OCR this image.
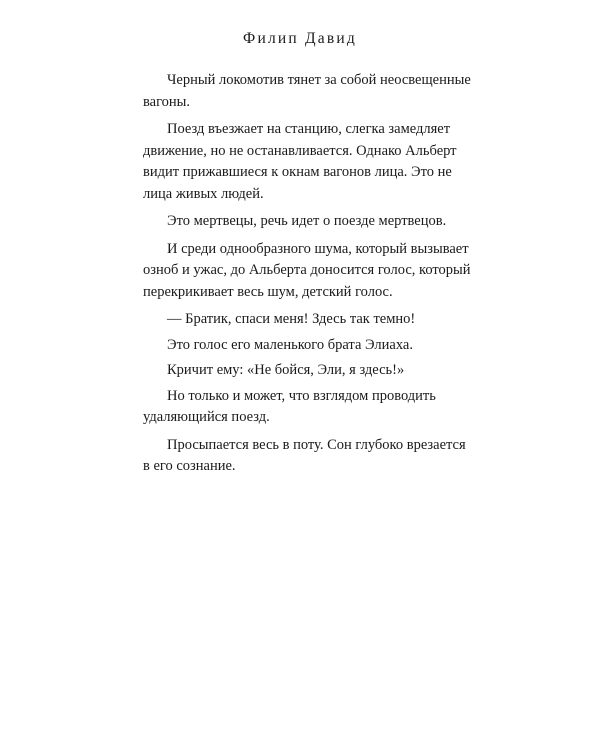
Филип Давид
Черный локомотив тянет за собой неосвещенные
вагоны.
Поезд въезжает на станцию, слегка замедляет
движение, но не останавливается. Однако Альберт
видит прижавшиеся к окнам вагонов лица. Это не
лица живых людей.
Это мертвецы, речь идет о поезде мертвецов.
И среди однообразного шума, который вызывает
озноб и ужас, до Альберта доносится голос, который
перекрикивает весь шум, детский голос.
— Братик, спаси меня! Здесь так темно!
Это голос его маленького брата Элиаха.
Кричит ему: «Не бойся, Эли, я здесь!»
Но только и может, что взглядом проводить
удаляющийся поезд.
Просыпается весь в поту. Сон глубоко врезается
в его сознание.
